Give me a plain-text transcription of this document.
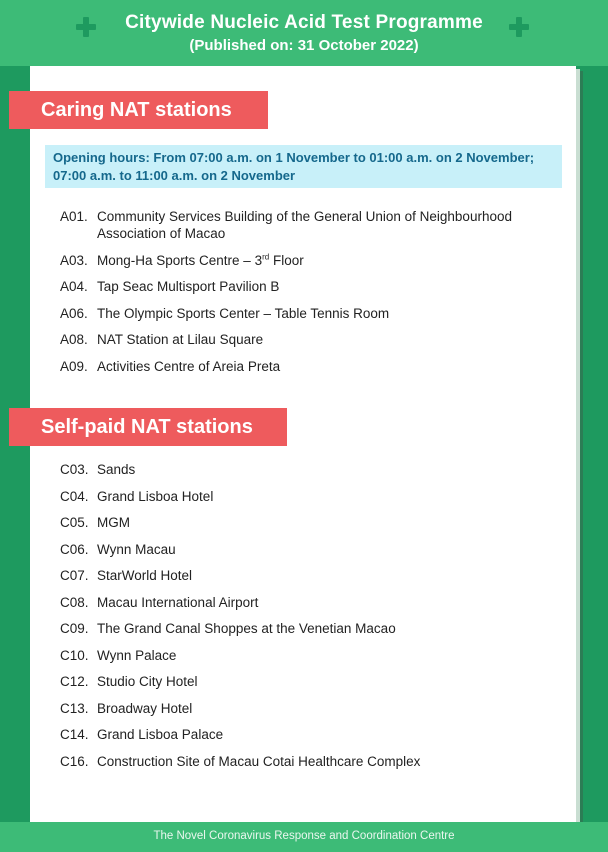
Citywide Nucleic Acid Test Programme
(Published on: 31 October 2022)
Caring NAT stations
Opening hours: From 07:00 a.m. on 1 November to 01:00 a.m. on 2 November; 07:00 a.m. to 11:00 a.m. on 2 November
A01. Community Services Building of the General Union of Neighbourhood Association of Macao
A03. Mong-Ha Sports Centre – 3rd Floor
A04. Tap Seac Multisport Pavilion B
A06. The Olympic Sports Center – Table Tennis Room
A08. NAT Station at Lilau Square
A09. Activities Centre of Areia Preta
Self-paid NAT stations
C03. Sands
C04. Grand Lisboa Hotel
C05. MGM
C06. Wynn Macau
C07. StarWorld Hotel
C08. Macau International Airport
C09. The Grand Canal Shoppes at the Venetian Macao
C10. Wynn Palace
C12. Studio City Hotel
C13. Broadway Hotel
C14. Grand Lisboa Palace
C16. Construction Site of Macau Cotai Healthcare Complex
The Novel Coronavirus Response and Coordination Centre
